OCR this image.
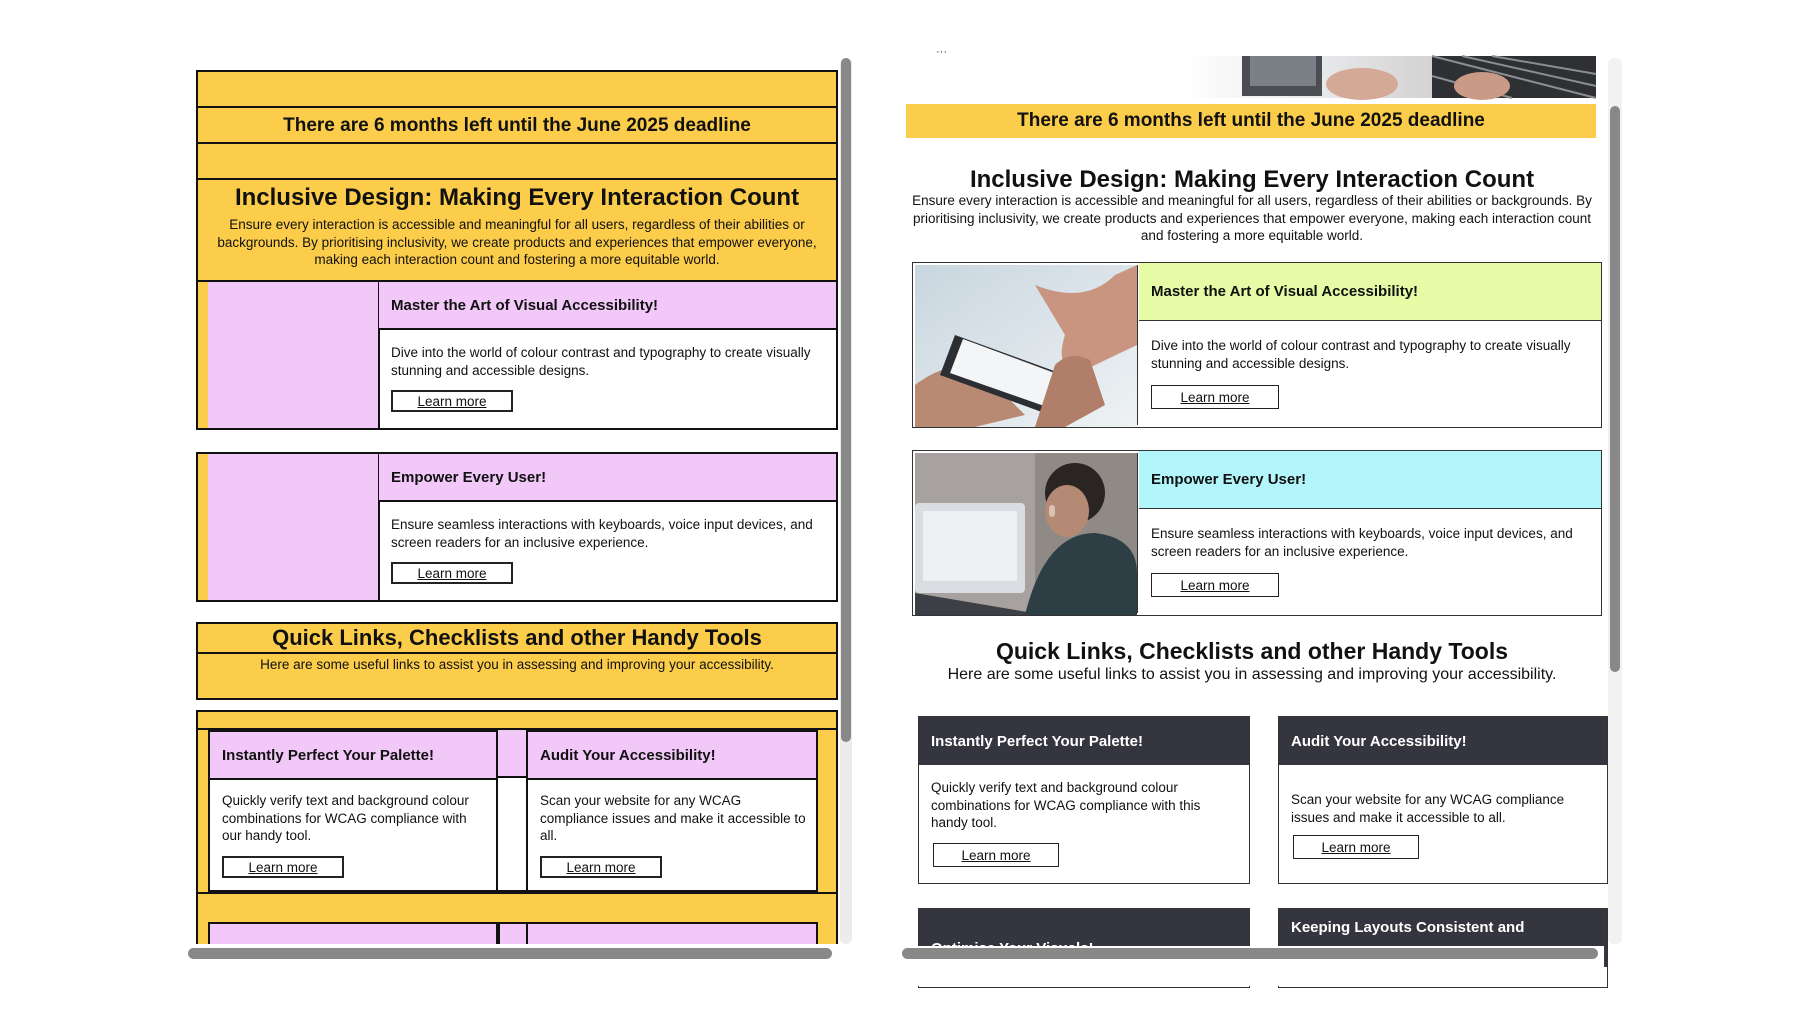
There are 6 months left until the June 2025 deadline
Inclusive Design: Making Every Interaction Count
Ensure every interaction is accessible and meaningful for all users, regardless of their abilities or backgrounds. By prioritising inclusivity, we create products and experiences that empower everyone, making each interaction count and fostering a more equitable world.
Master the Art of Visual Accessibility!
Dive into the world of colour contrast and typography to create visually stunning and accessible designs.
Learn more
Empower Every User!
Ensure seamless interactions with keyboards, voice input devices, and screen readers for an inclusive experience.
Learn more
Quick Links, Checklists and other Handy Tools
Here are some useful links to assist you in assessing and improving your accessibility.
Instantly Perfect Your Palette!
Quickly verify text and background colour combinations for WCAG compliance with our handy tool.
Learn more
Audit Your Accessibility!
Scan your website for any WCAG compliance issues and make it accessible to all.
Learn more
···
There are 6 months left until the June 2025 deadline
Inclusive Design: Making Every Interaction Count
Ensure every interaction is accessible and meaningful for all users, regardless of their abilities or backgrounds. By prioritising inclusivity, we create products and experiences that empower everyone, making each interaction count and fostering a more equitable world.
Master the Art of Visual Accessibility!
Dive into the world of colour contrast and typography to create visually stunning and accessible designs.
Learn more
Empower Every User!
Ensure seamless interactions with keyboards, voice input devices, and screen readers for an inclusive experience.
Learn more
Quick Links, Checklists and other Handy Tools
Here are some useful links to assist you in assessing and improving your accessibility.
Instantly Perfect Your Palette!
Quickly verify text and background colour combinations for WCAG compliance with this handy tool.
Learn more
Audit Your Accessibility!
Scan your website for any WCAG compliance issues and make it accessible to all.
Learn more
Keeping Layouts Consistent and
